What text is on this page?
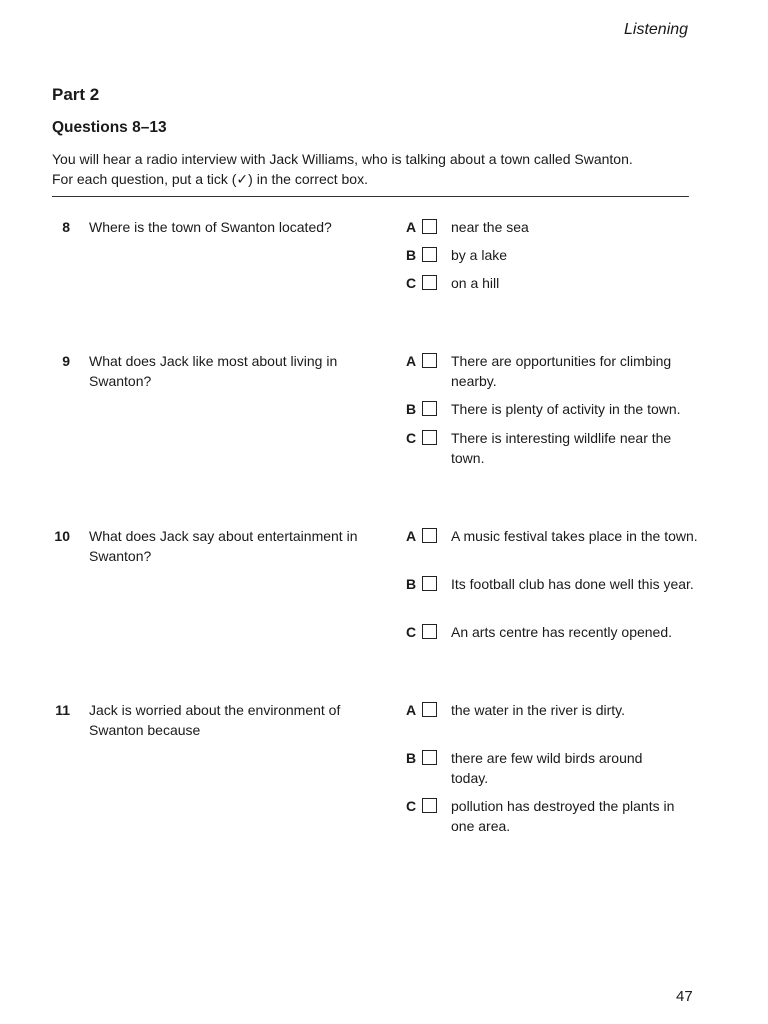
Listening
Part 2
Questions 8–13

You will hear a radio interview with Jack Williams, who is talking about a town called Swanton.

For each question, put a tick (✓) in the correct box.

8 Where is the town of Swanton located?	A	near the sea
B	by a lake
C	on a hill
9 What does Jack like most about living in Swanton?
A	There are opportunities for climbing nearby.
B	There is plenty of activity in the town.
C	There is interesting wildlife near the town.
10 What does Jack say about entertainment in Swanton?
A	A music festival takes place in the town.
B	Its football club has done well this year.
C	An arts centre has recently opened.
11 Jack is worried about the environment of Swanton because
A	the water in the river is dirty.
B	there are few wild birds around today.
C	pollution has destroyed the plants in one area.
47
